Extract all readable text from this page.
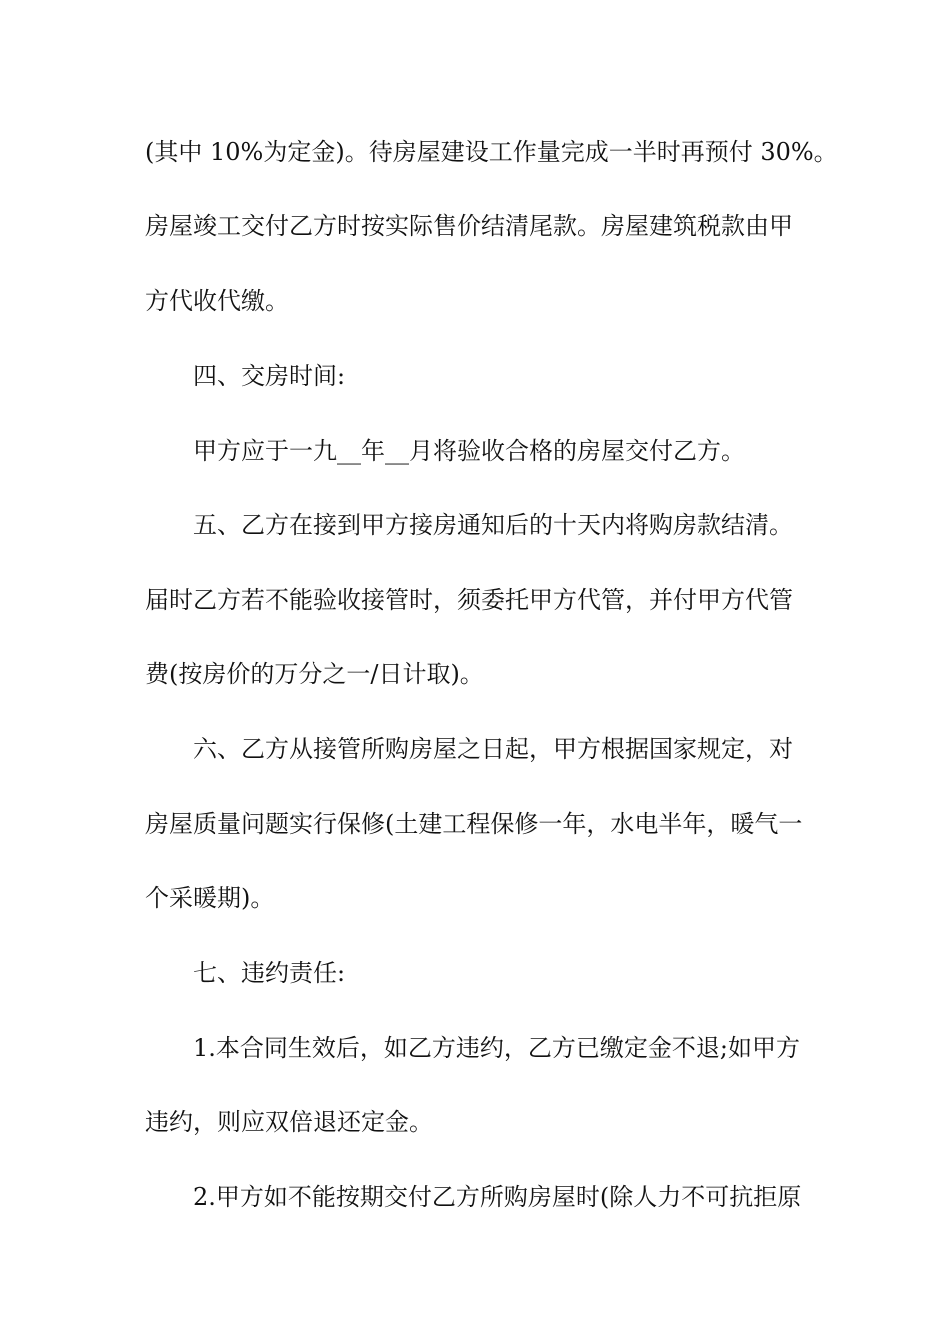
(其中 10%为定金)。待房屋建设工作量完成一半时再预付 30%。
房屋竣工交付乙方时按实际售价结清尾款。房屋建筑税款由甲
方代收代缴。
四、交房时间:
甲方应于一九__年__月将验收合格的房屋交付乙方。
五、乙方在接到甲方接房通知后的十天内将购房款结清。
届时乙方若不能验收接管时，须委托甲方代管，并付甲方代管
费(按房价的万分之一/日计取)。
六、乙方从接管所购房屋之日起，甲方根据国家规定，对
房屋质量问题实行保修(土建工程保修一年，水电半年，暖气一
个采暖期)。
七、违约责任:
1.本合同生效后，如乙方违约，乙方已缴定金不退;如甲方
违约，则应双倍退还定金。
2.甲方如不能按期交付乙方所购房屋时(除人力不可抗拒原
